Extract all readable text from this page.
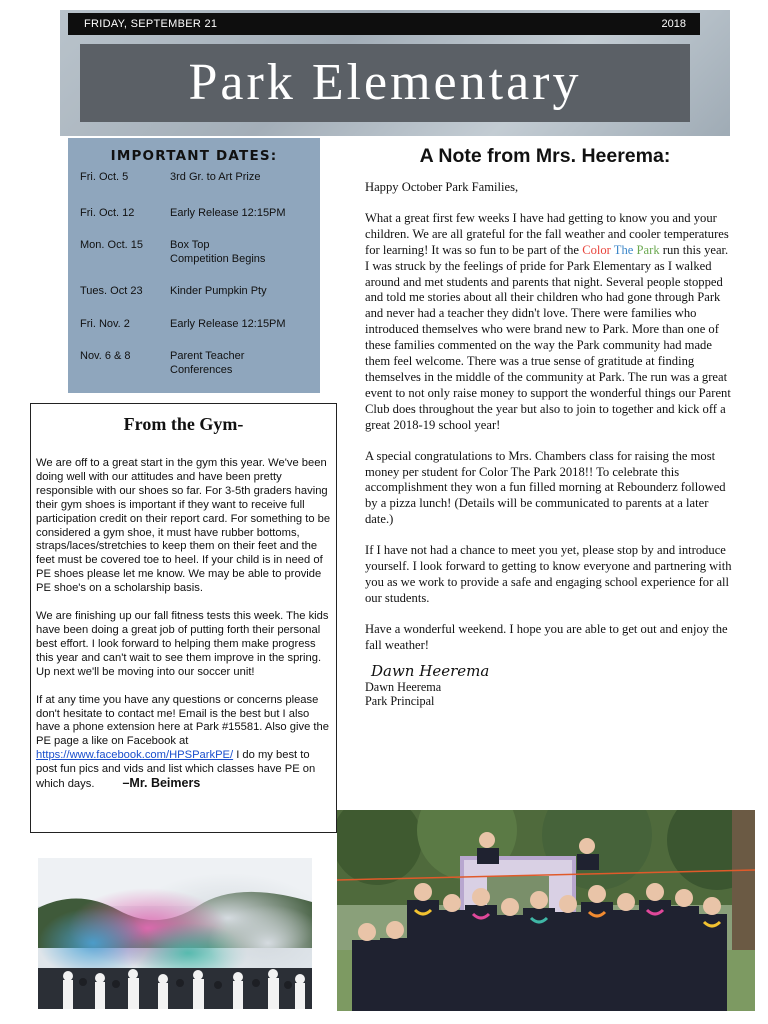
FRIDAY, SEPTEMBER 21	2018
Park Elementary
IMPORTANT DATES:
Fri. Oct. 5	3rd Gr. to Art Prize
Fri. Oct. 12	Early Release 12:15PM
Mon. Oct. 15	Box Top
Competition Begins
Tues. Oct 23	Kinder Pumpkin Pty
Fri. Nov. 2	Early Release 12:15PM
Nov. 6 & 8	Parent Teacher
Conferences
From the Gym-

We are off to a great start in the gym this year. We've been doing well with our attitudes and have been pretty responsible with our shoes so far. For 3-5th graders having their gym shoes is important if they want to receive full participation credit on their report card. For something to be considered a gym shoe, it must have rubber bottoms, straps/laces/stretchies to keep them on their feet and the feet must be covered toe to heel. If your child is in need of PE shoes please let me know. We may be able to provide PE shoe's on a scholarship basis.

We are finishing up our fall fitness tests this week. The kids have been doing a great job of putting forth their personal best effort. I look forward to helping them make progress this year and can't wait to see them improve in the spring. Up next we'll be moving into our soccer unit!

If at any time you have any questions or concerns please don't hesitate to contact me! Email is the best but I also have a phone extension here at Park #15581. Also give the PE page a like on Facebook at https://www.facebook.com/HPSParkPE/ I do my best to post fun pics and vids and list which classes have PE on which days. –Mr. Beimers

A Note from Mrs. Heerema:

Happy October Park Families,

What a great first few weeks I have had getting to know you and your children. We are all grateful for the fall weather and cooler temperatures for learning! It was so fun to be part of the Color The Park run this year. I was struck by the feelings of pride for Park Elementary as I walked around and met students and parents that night. Several people stopped and told me stories about all their children who had gone through Park and never had a teacher they didn't love. There were families who introduced themselves who were brand new to Park. More than one of these families commented on the way the Park community had made them feel welcome. There was a true sense of gratitude at finding themselves in the middle of the community at Park. The run was a great event to not only raise money to support the wonderful things our Parent Club does throughout the year but also to join to together and kick off a great 2018-19 school year!

A special congratulations to Mrs. Chambers class for raising the most money per student for Color The Park 2018!! To celebrate this accomplishment they won a fun filled morning at Rebounderz followed by a pizza lunch! (Details will be communicated to parents at a later date.)

If I have not had a chance to meet you yet, please stop by and introduce yourself. I look forward to getting to know everyone and partnering with you as we work to provide a safe and engaging school experience for all our students.

Have a wonderful weekend. I hope you are able to get out and enjoy the fall weather!

Dawn Heerema
Dawn Heerema
Park Principal
